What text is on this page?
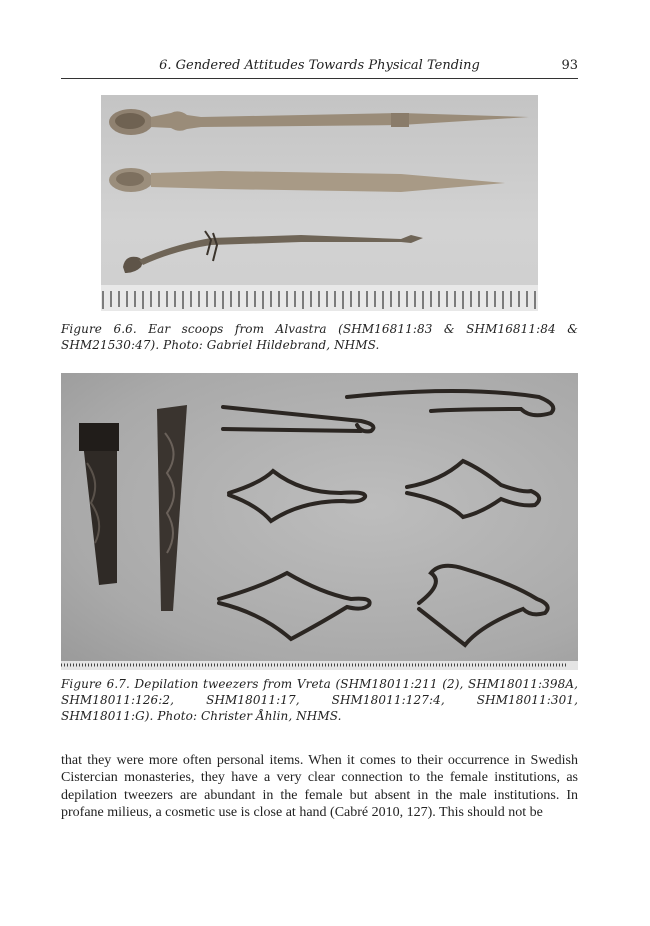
6. Gendered Attitudes Towards Physical Tending	93
Figure 6.6. Ear scoops from Alvastra (SHM16811:83 & SHM16811:84 & SHM21530:47). Photo: Gabriel Hildebrand, NHMS.
Figure 6.7. Depilation tweezers from Vreta (SHM18011:211 (2), SHM18011:398A, SHM18011:126:2, SHM18011:17, SHM18011:127:4, SHM18011:301, SHM18011:G). Photo: Christer Åhlin, NHMS.
that they were more often personal items. When it comes to their occurrence in Swedish Cistercian monasteries, they have a very clear connection to the female institutions, as depilation tweezers are abundant in the female but absent in the male institutions. In profane milieus, a cosmetic use is close at hand (Cabré 2010, 127). This should not be
